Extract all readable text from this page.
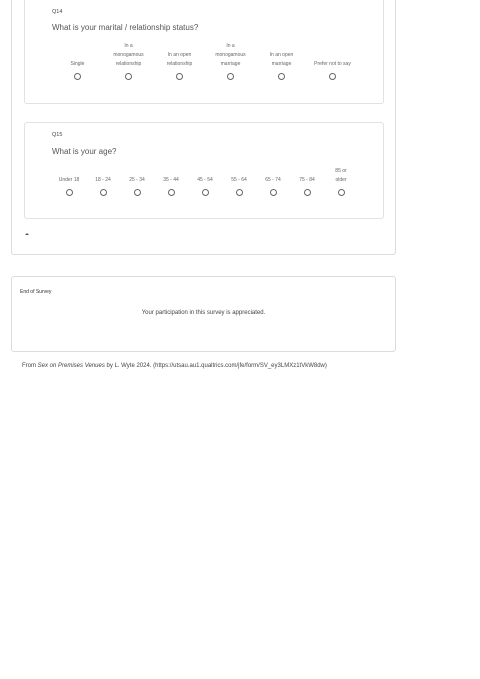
Q14
What is your marital / relationship status?
Single
In a
monogamous
relationship
In an open
relationship
In a
monogamous
marriage
In an open
marriage	Prefer not to say
Q15
What is your age?
Under 18	18 - 24	25 - 34	35 - 44	45 - 54	55 - 64	65 - 74	75 - 84
85 or
older
End of Survey
Your participation in this survey is appreciated.
From Sex on Premises Venues by L. Wyte 2024. (https://utsau.au1.qualtrics.com/jfe/form/SV_ey3LMXz1tVkW8dw)
